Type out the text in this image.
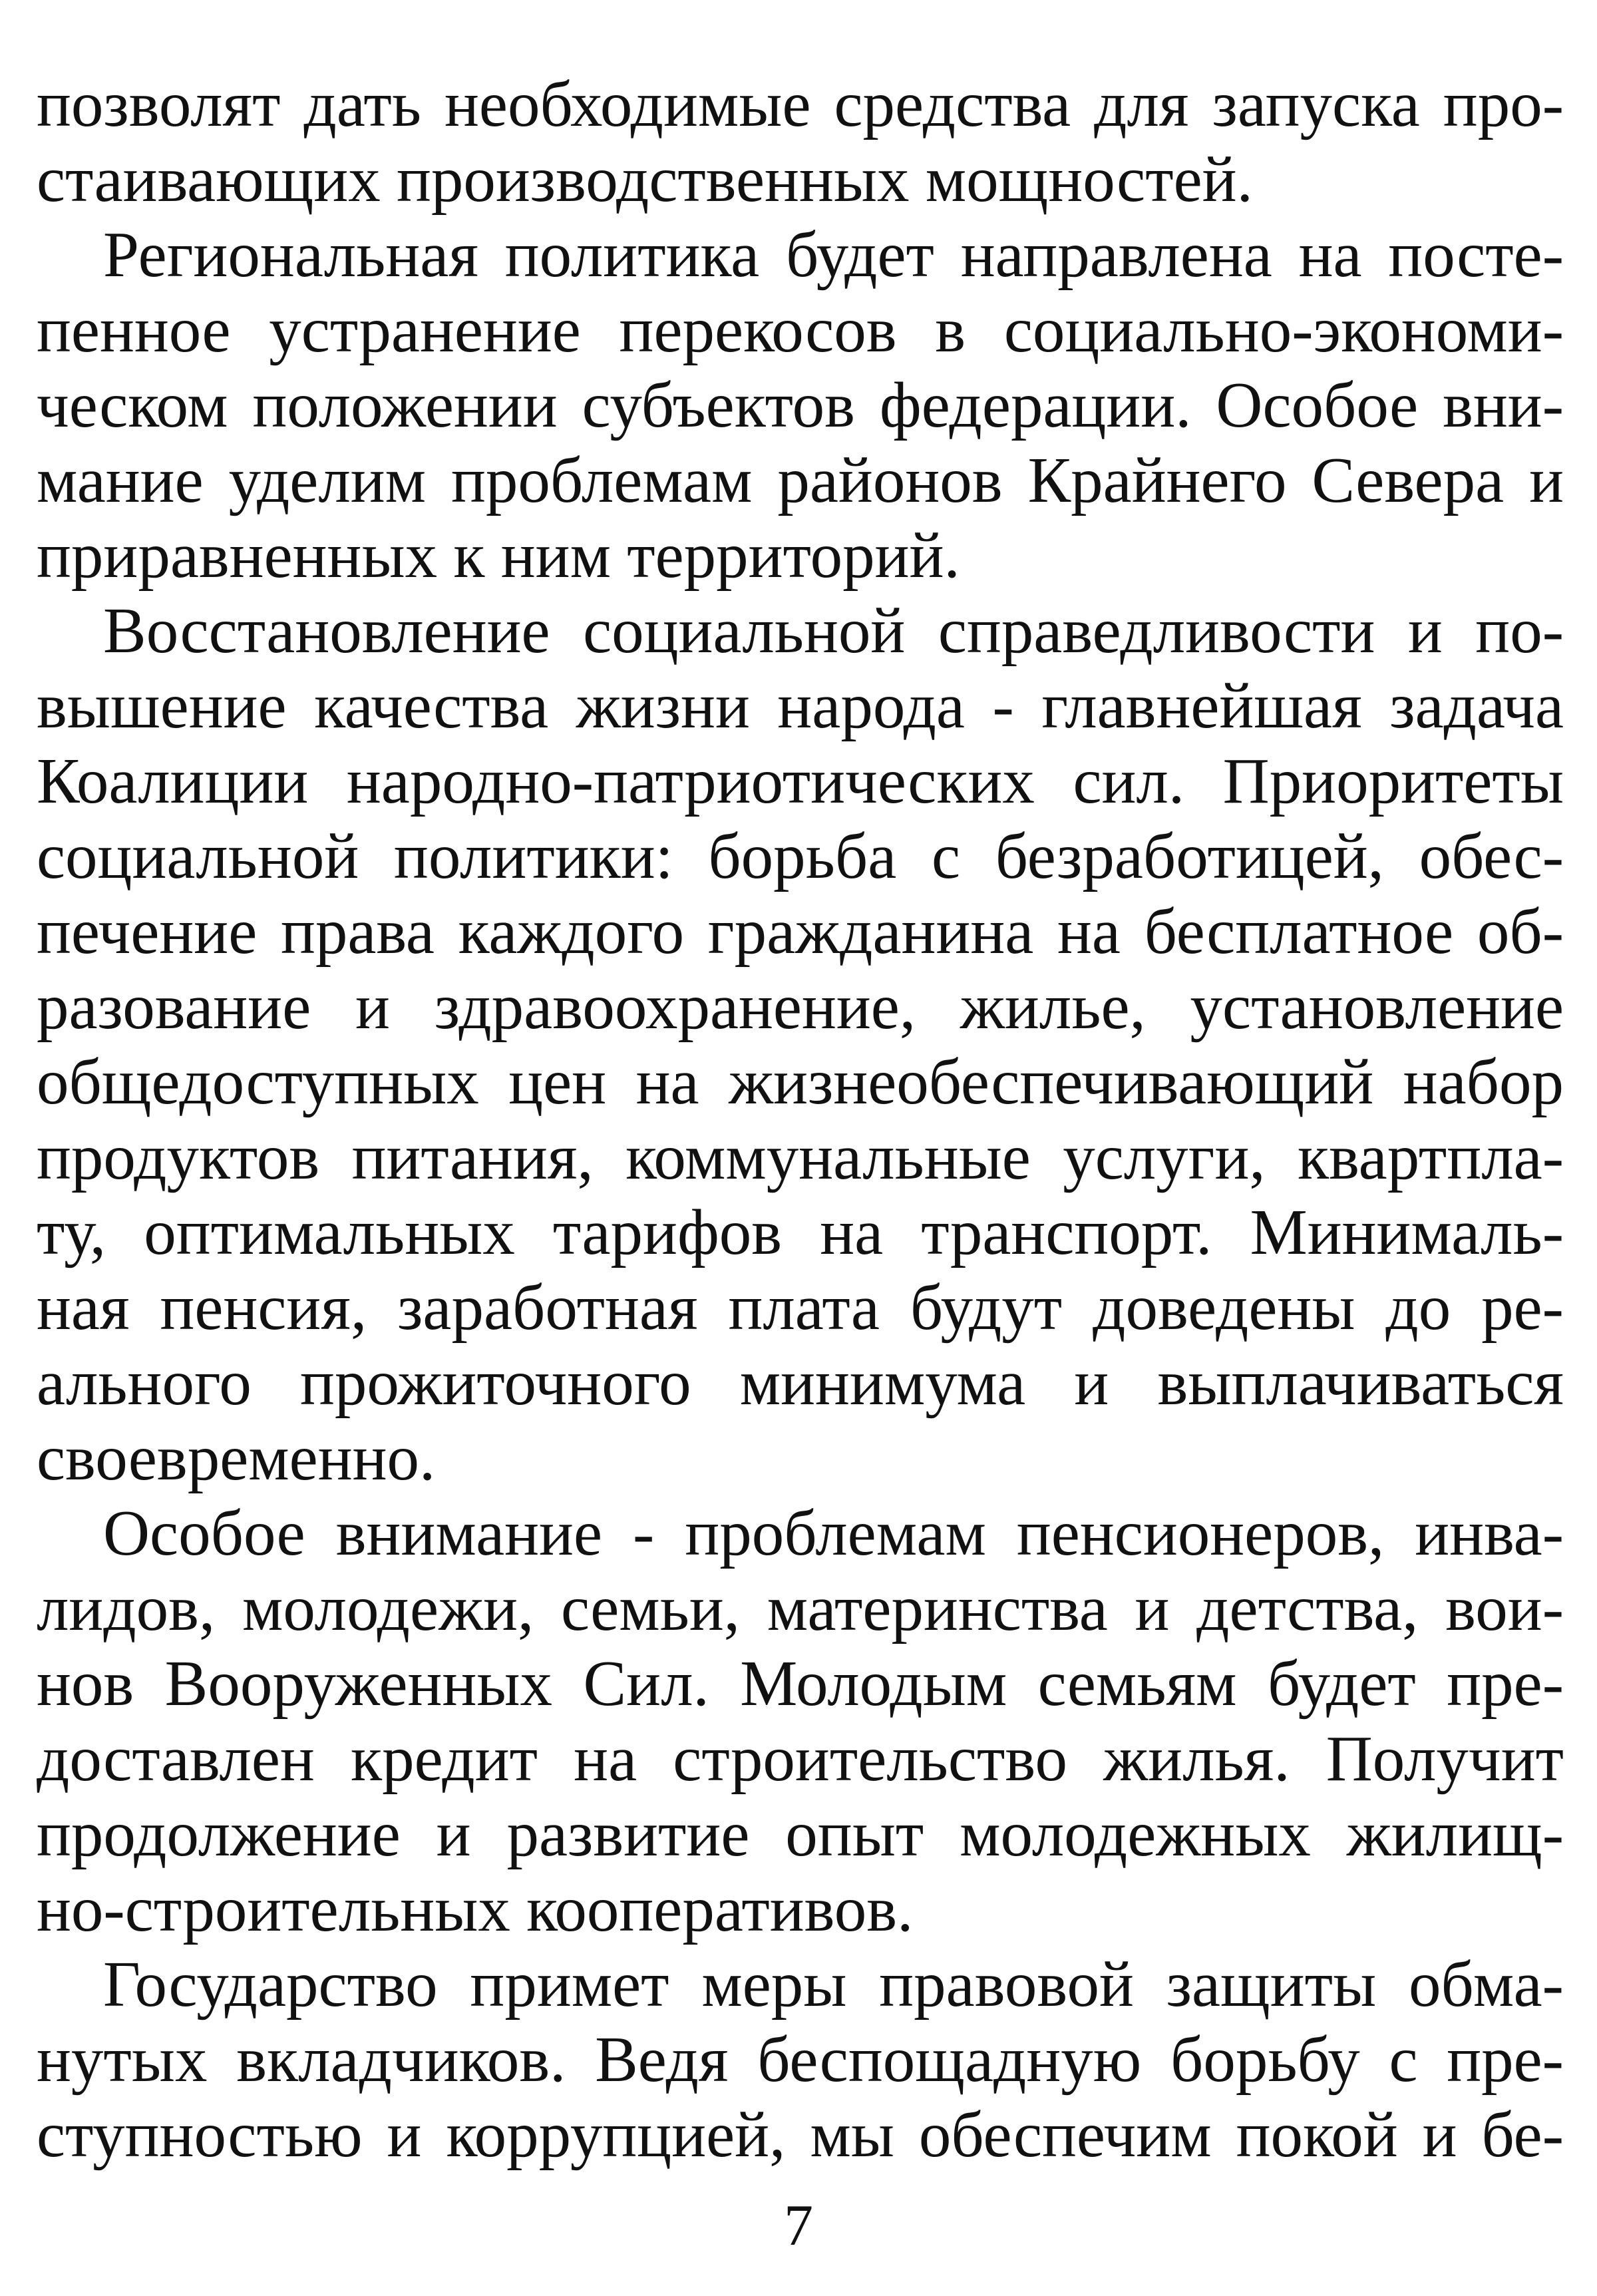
позволят дать необходимые средства для запуска про-
стаивающих производственных мощностей.
Региональная политика будет направлена на посте-
пенное устранение перекосов в социально-экономи-
ческом положении субъектов федерации. Особое вни-
мание уделим проблемам районов Крайнего Севера и
приравненных к ним территорий.
Восстановление социальной справедливости и по-
вышение качества жизни народа - главнейшая задача
Коалиции народно-патриотических сил. Приоритеты
социальной политики: борьба с безработицей, обес-
печение права каждого гражданина на бесплатное об-
разование и здравоохранение, жилье, установление
общедоступных цен на жизнеобеспечивающий набор
продуктов питания, коммунальные услуги, квартпла-
ту, оптимальных тарифов на транспорт. Минималь-
ная пенсия, заработная плата будут доведены до ре-
ального прожиточного минимума и выплачиваться
своевременно.
Особое внимание - проблемам пенсионеров, инва-
лидов, молодежи, семьи, материнства и детства, вои-
нов Вооруженных Сил. Молодым семьям будет пре-
доставлен кредит на строительство жилья. Получит
продолжение и развитие опыт молодежных жилищ-
но-строительных кооперативов.
Государство примет меры правовой защиты обма-
нутых вкладчиков. Ведя беспощадную борьбу с пре-
ступностью и коррупцией, мы обеспечим покой и бе-
7
